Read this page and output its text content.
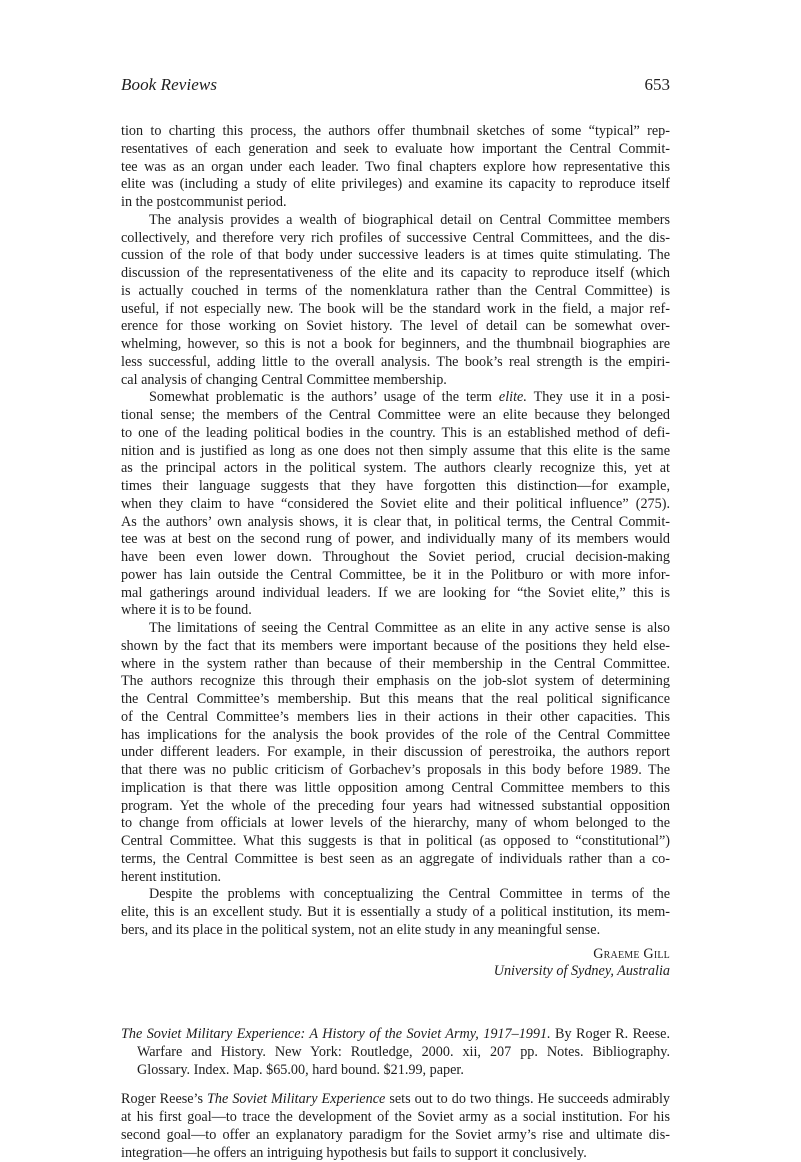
Book Reviews	653
tion to charting this process, the authors offer thumbnail sketches of some “typical” rep-
resentatives of each generation and seek to evaluate how important the Central Commit-
tee was as an organ under each leader. Two final chapters explore how representative this
elite was (including a study of elite privileges) and examine its capacity to reproduce itself
in the postcommunist period.
The analysis provides a wealth of biographical detail on Central Committee members
collectively, and therefore very rich profiles of successive Central Committees, and the dis-
cussion of the role of that body under successive leaders is at times quite stimulating. The
discussion of the representativeness of the elite and its capacity to reproduce itself (which
is actually couched in terms of the nomenklatura rather than the Central Committee) is
useful, if not especially new. The book will be the standard work in the field, a major ref-
erence for those working on Soviet history. The level of detail can be somewhat over-
whelming, however, so this is not a book for beginners, and the thumbnail biographies are
less successful, adding little to the overall analysis. The book’s real strength is the empiri-
cal analysis of changing Central Committee membership.
Somewhat problematic is the authors’ usage of the term elite. They use it in a posi-
tional sense; the members of the Central Committee were an elite because they belonged
to one of the leading political bodies in the country. This is an established method of defi-
nition and is justified as long as one does not then simply assume that this elite is the same
as the principal actors in the political system. The authors clearly recognize this, yet at
times their language suggests that they have forgotten this distinction—for example,
when they claim to have “considered the Soviet elite and their political influence” (275).
As the authors’ own analysis shows, it is clear that, in political terms, the Central Commit-
tee was at best on the second rung of power, and individually many of its members would
have been even lower down. Throughout the Soviet period, crucial decision-making
power has lain outside the Central Committee, be it in the Politburo or with more infor-
mal gatherings around individual leaders. If we are looking for “the Soviet elite,” this is
where it is to be found.
The limitations of seeing the Central Committee as an elite in any active sense is also
shown by the fact that its members were important because of the positions they held else-
where in the system rather than because of their membership in the Central Committee.
The authors recognize this through their emphasis on the job-slot system of determining
the Central Committee’s membership. But this means that the real political significance
of the Central Committee’s members lies in their actions in their other capacities. This
has implications for the analysis the book provides of the role of the Central Committee
under different leaders. For example, in their discussion of perestroika, the authors report
that there was no public criticism of Gorbachev’s proposals in this body before 1989. The
implication is that there was little opposition among Central Committee members to this
program. Yet the whole of the preceding four years had witnessed substantial opposition
to change from officials at lower levels of the hierarchy, many of whom belonged to the
Central Committee. What this suggests is that in political (as opposed to “constitutional”)
terms, the Central Committee is best seen as an aggregate of individuals rather than a co-
herent institution.
Despite the problems with conceptualizing the Central Committee in terms of the
elite, this is an excellent study. But it is essentially a study of a political institution, its mem-
bers, and its place in the political system, not an elite study in any meaningful sense.
Graeme Gill
University of Sydney, Australia
The Soviet Military Experience: A History of the Soviet Army, 1917–1991. By Roger R. Reese.
Warfare and History. New York: Routledge, 2000. xii, 207 pp. Notes. Bibliography.
Glossary. Index. Map. $65.00, hard bound. $21.99, paper.
Roger Reese’s The Soviet Military Experience sets out to do two things. He succeeds admirably
at his first goal—to trace the development of the Soviet army as a social institution. For his
second goal—to offer an explanatory paradigm for the Soviet army’s rise and ultimate dis-
integration—he offers an intriguing hypothesis but fails to support it conclusively.
